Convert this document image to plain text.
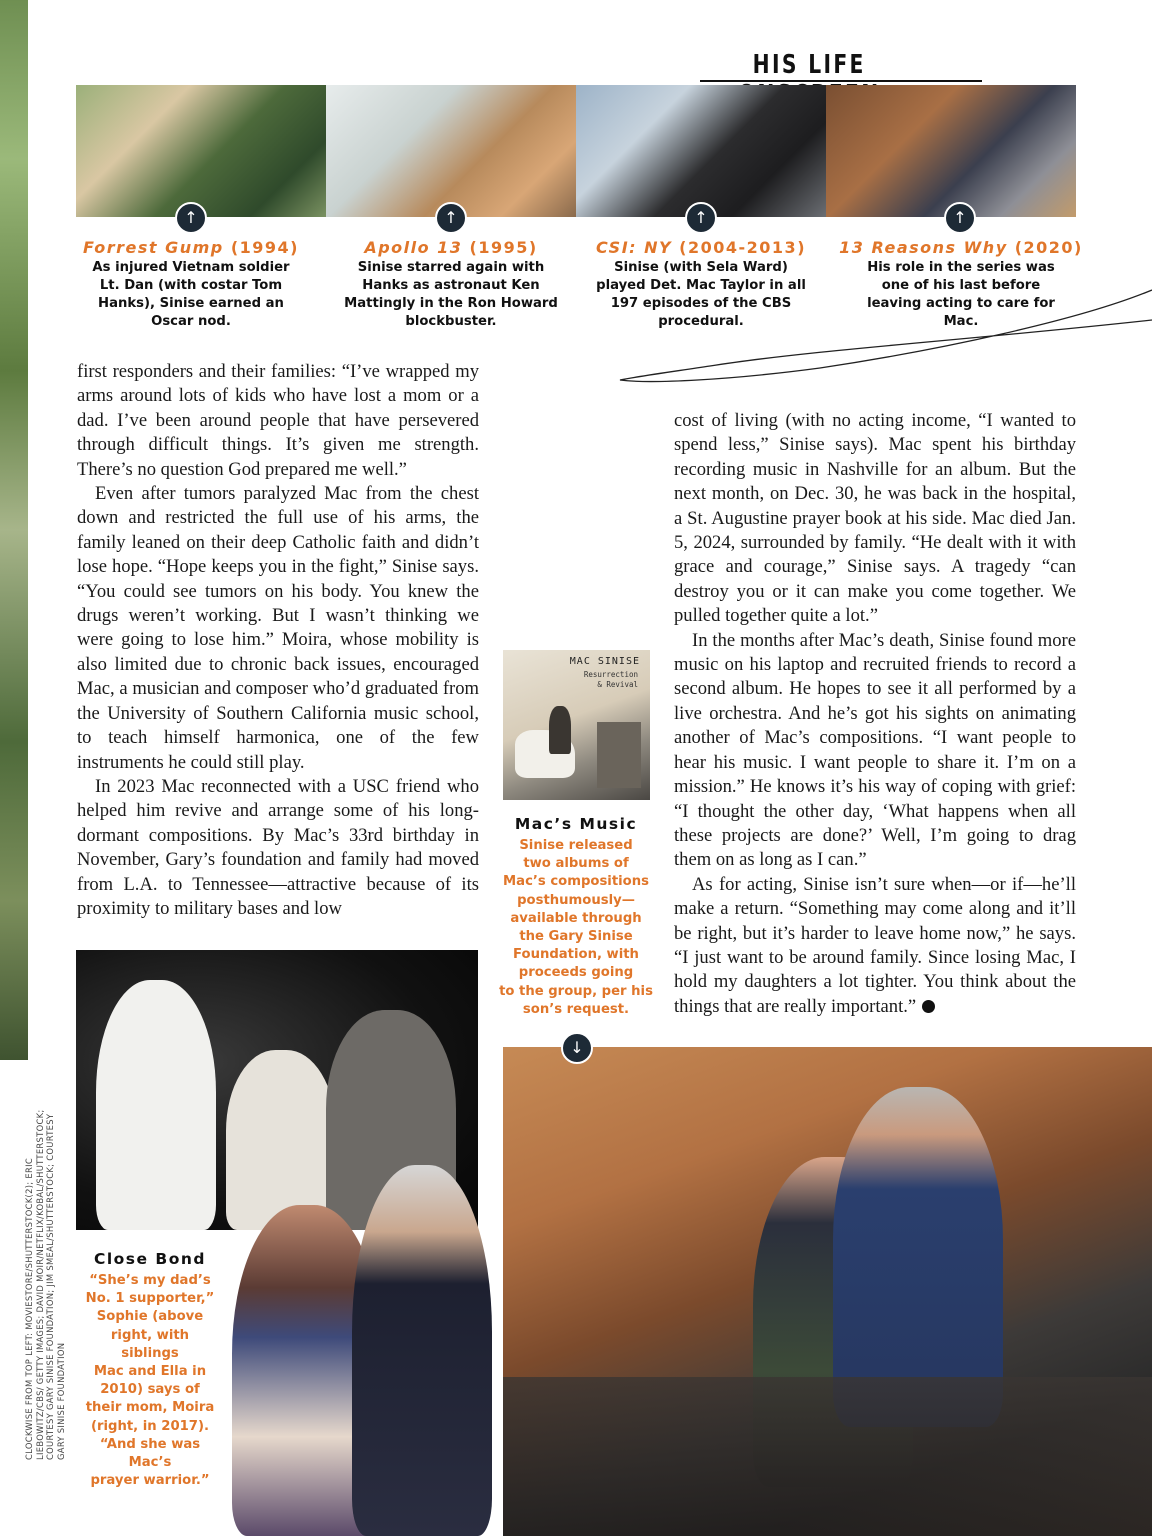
HIS LIFE
↑	↑	↑	↑
Forrest Gump (1994)
As injured Vietnam soldier Lt. Dan (with costar Tom Hanks), Sinise earned an Oscar nod.
Apollo 13 (1995)
Sinise starred again with Hanks as astronaut Ken Mattingly in the Ron Howard blockbuster.
CSI: NY (2004-2013)
Sinise (with Sela Ward) played Det. Mac Taylor in all 197 episodes of the CBS procedural.
13 Reasons Why (2020)
His role in the series was one of his last before leaving acting to care for Mac.

first responders and their families: “I’ve wrapped my arms around lots of kids who have lost a mom or a dad. I’ve been around people that have persevered through difficult things. It’s given me strength. There’s no question God prepared me well.”

Even after tumors paralyzed Mac from the chest down and restricted the full use of his arms, the family leaned on their deep Catholic faith and didn’t lose hope. “Hope keeps you in the fight,” Sinise says. “You could see tumors on his body. You knew the drugs weren’t working. But I wasn’t thinking we were going to lose him.” Moira, whose mobility is also limited due to chronic back issues, encouraged Mac, a musician and composer who’d graduated from the University of Southern California music school, to teach himself harmonica, one of the few instruments he could still play.

In 2023 Mac reconnected with a USC friend who helped him revive and arrange some of his long-dormant compositions. By Mac’s 33rd birthday in November, Gary’s foundation and family had moved from L.A. to Tennessee—attractive because of its proximity to military bases and low

cost of living (with no acting income, “I wanted to spend less,” Sinise says). Mac spent his birthday recording music in Nashville for an album. But the next month, on Dec. 30, he was back in the hospital, a St. Augustine prayer book at his side. Mac died Jan. 5, 2024, surrounded by family. “He dealt with it with grace and courage,” Sinise says. A tragedy “can destroy you or it can make you come together. We pulled together quite a lot.”

In the months after Mac’s death, Sinise found more music on his laptop and recruited friends to record a second album. He hopes to see it all performed by a live orchestra. And he’s got his sights on animating another of Mac’s compositions. “I want people to hear his music. I want people to share it. I’m on a mission.” He knows it’s his way of coping with grief: “I thought the other day, ‘What happens when all these projects are done?’ Well, I’m going to drag them on as long as I can.”

As for acting, Sinise isn’t sure when—or if—he’ll make a return. “Something may come along and it’ll be right, but it’s harder to leave home now,” he says. “I just want to be around family. Since losing Mac, I hold my daughters a lot tighter. You think about the things that are really important.”

MAC SINISE
Resurrection
& Revival
Mac’s Music
Sinise released
two albums of
Mac’s compositions
posthumously—
available through
the Gary Sinise
Foundation, with
proceeds going
to the group, per his
son’s request.
Close Bond
“She’s my dad’s
No. 1 supporter,”
Sophie (above
right, with siblings
Mac and Ella in
2010) says of
their mom, Moira
(right, in 2017).
“And she was Mac’s
prayer warrior.”
↓
CLOCKWISE FROM TOP LEFT: MOVIESTORE/SHUTTERSTOCK(2); ERIC LIEBOWITZ/CBS/ GETTY IMAGES; DAVID MOIR/NETFLIX/KOBAL/SHUTTERSTOCK; COURTESY GARY SINISE FOUNDATION; JIM SMEAL/SHUTTERSTOCK; COURTESY GARY SINISE FOUNDATION
